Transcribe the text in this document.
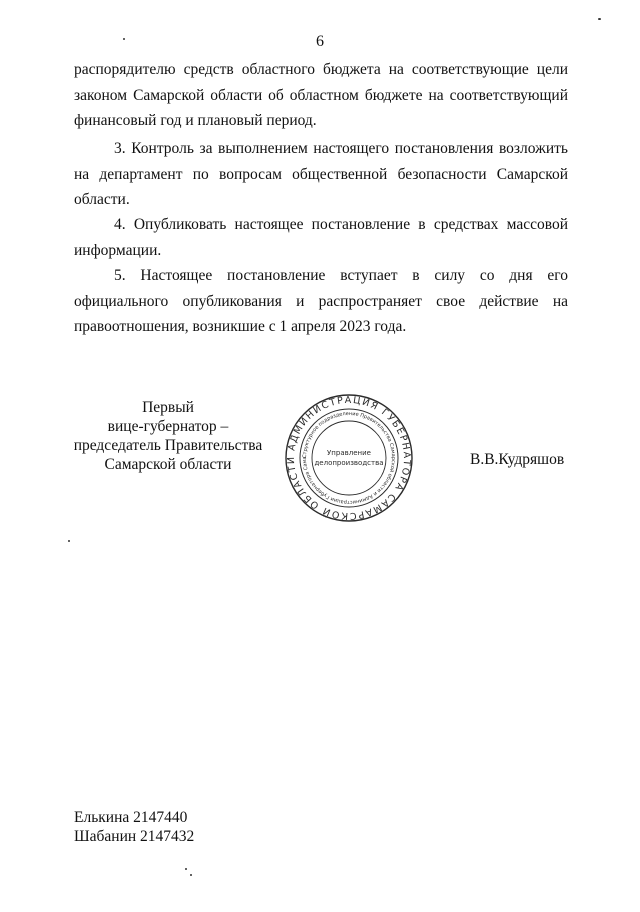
6

распорядителю средств областного бюджета на соответствующие цели законом Самарской области об областном бюджете на соответствующий финансовый год и плановый период.

3. Контроль за выполнением настоящего постановления возложить на департамент по вопросам общественной безопасности Самарской области.

4. Опубликовать настоящее постановление в средствах массовой информации.

5. Настоящее постановление вступает в силу со дня его официального опубликования и распространяет свое действие на правоотношения, возникшие с 1 апреля 2023 года.

Первый
вице-губернатор –
председатель Правительства
Самарской области
АДМИНИСТРАЦИЯ ГУБЕРНАТОРА САМАРСКОЙ ОБЛАСТИ Структурное подразделение Правительства Самарской области и Администрации Губернатора Сама
Управление
делопроизводства	В.В.Кудряшов
Елькина 2147440
Шабанин 2147432
